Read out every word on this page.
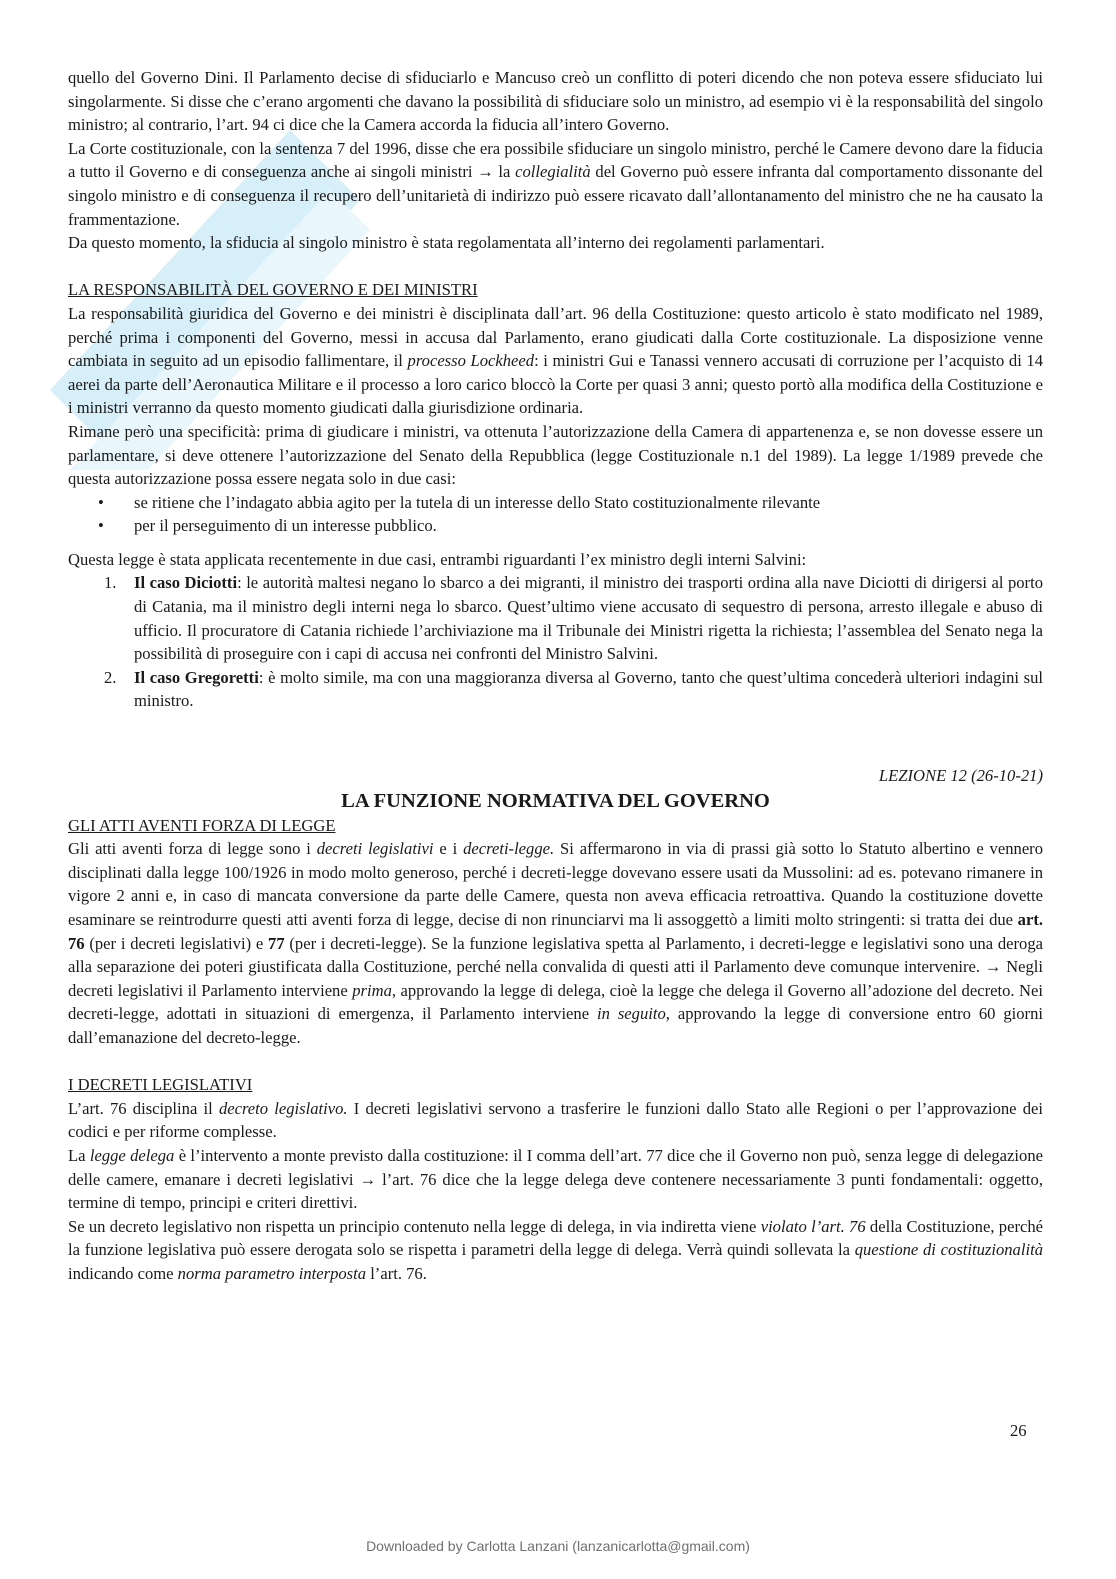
quello del Governo Dini. Il Parlamento decise di sfiduciarlo e Mancuso creò un conflitto di poteri dicendo che non poteva essere sfiduciato lui singolarmente. Si disse che c’erano argomenti che davano la possibilità di sfiduciare solo un ministro, ad esempio vi è la responsabilità del singolo ministro; al contrario, l’art. 94 ci dice che la Camera accorda la fiducia all’intero Governo.

La Corte costituzionale, con la sentenza 7 del 1996, disse che era possibile sfiduciare un singolo ministro, perché le Camere devono dare la fiducia a tutto il Governo e di conseguenza anche ai singoli ministri → la collegialità del Governo può essere infranta dal comportamento dissonante del singolo ministro e di conseguenza il recupero dell’unitarietà di indirizzo può essere ricavato dall’allontanamento del ministro che ne ha causato la frammentazione.

Da questo momento, la sfiducia al singolo ministro è stata regolamentata all’interno dei regolamenti parlamentari.

LA RESPONSABILITÀ DEL GOVERNO E DEI MINISTRI

La responsabilità giuridica del Governo e dei ministri è disciplinata dall’art. 96 della Costituzione: questo articolo è stato modificato nel 1989, perché prima i componenti del Governo, messi in accusa dal Parlamento, erano giudicati dalla Corte costituzionale. La disposizione venne cambiata in seguito ad un episodio fallimentare, il processo Lockheed: i ministri Gui e Tanassi vennero accusati di corruzione per l’acquisto di 14 aerei da parte dell’Aeronautica Militare e il processo a loro carico bloccò la Corte per quasi 3 anni; questo portò alla modifica della Costituzione e i ministri verranno da questo momento giudicati dalla giurisdizione ordinaria.

Rimane però una specificità: prima di giudicare i ministri, va ottenuta l’autorizzazione della Camera di appartenenza e, se non dovesse essere un parlamentare, si deve ottenere l’autorizzazione del Senato della Repubblica (legge Costituzionale n.1 del 1989). La legge 1/1989 prevede che questa autorizzazione possa essere negata solo in due casi:

• se ritiene che l’indagato abbia agito per la tutela di un interesse dello Stato costituzionalmente rilevante
• per il perseguimento di un interesse pubblico.

Questa legge è stata applicata recentemente in due casi, entrambi riguardanti l’ex ministro degli interni Salvini:

1. Il caso Diciotti: le autorità maltesi negano lo sbarco a dei migranti, il ministro dei trasporti ordina alla nave Diciotti di dirigersi al porto di Catania, ma il ministro degli interni nega lo sbarco. Quest’ultimo viene accusato di sequestro di persona, arresto illegale e abuso di ufficio. Il procuratore di Catania richiede l’archiviazione ma il Tribunale dei Ministri rigetta la richiesta; l’assemblea del Senato nega la possibilità di proseguire con i capi di accusa nei confronti del Ministro Salvini.
2. Il caso Gregoretti: è molto simile, ma con una maggioranza diversa al Governo, tanto che quest’ultima concederà ulteriori indagini sul ministro.

LEZIONE 12 (26-10-21)

LA FUNZIONE NORMATIVA DEL GOVERNO

GLI ATTI AVENTI FORZA DI LEGGE

Gli atti aventi forza di legge sono i decreti legislativi e i decreti-legge. Si affermarono in via di prassi già sotto lo Statuto albertino e vennero disciplinati dalla legge 100/1926 in modo molto generoso, perché i decreti-legge dovevano essere usati da Mussolini: ad es. potevano rimanere in vigore 2 anni e, in caso di mancata conversione da parte delle Camere, questa non aveva efficacia retroattiva. Quando la costituzione dovette esaminare se reintrodurre questi atti aventi forza di legge, decise di non rinunciarvi ma li assoggettò a limiti molto stringenti: si tratta dei due art. 76 (per i decreti legislativi) e 77 (per i decreti-legge). Se la funzione legislativa spetta al Parlamento, i decreti-legge e legislativi sono una deroga alla separazione dei poteri giustificata dalla Costituzione, perché nella convalida di questi atti il Parlamento deve comunque intervenire. → Negli decreti legislativi il Parlamento interviene prima, approvando la legge di delega, cioè la legge che delega il Governo all’adozione del decreto. Nei decreti-legge, adottati in situazioni di emergenza, il Parlamento interviene in seguito, approvando la legge di conversione entro 60 giorni dall’emanazione del decreto-legge.

I DECRETI LEGISLATIVI

L’art. 76 disciplina il decreto legislativo. I decreti legislativi servono a trasferire le funzioni dallo Stato alle Regioni o per l’approvazione dei codici e per riforme complesse.

La legge delega è l’intervento a monte previsto dalla costituzione: il I comma dell’art. 77 dice che il Governo non può, senza legge di delegazione delle camere, emanare i decreti legislativi → l’art. 76 dice che la legge delega deve contenere necessariamente 3 punti fondamentali: oggetto, termine di tempo, principi e criteri direttivi.

Se un decreto legislativo non rispetta un principio contenuto nella legge di delega, in via indiretta viene violato l’art. 76 della Costituzione, perché la funzione legislativa può essere derogata solo se rispetta i parametri della legge di delega. Verrà quindi sollevata la questione di costituzionalità indicando come norma parametro interposta l’art. 76.

26
Downloaded by Carlotta Lanzani (lanzanicarlotta@gmail.com)
